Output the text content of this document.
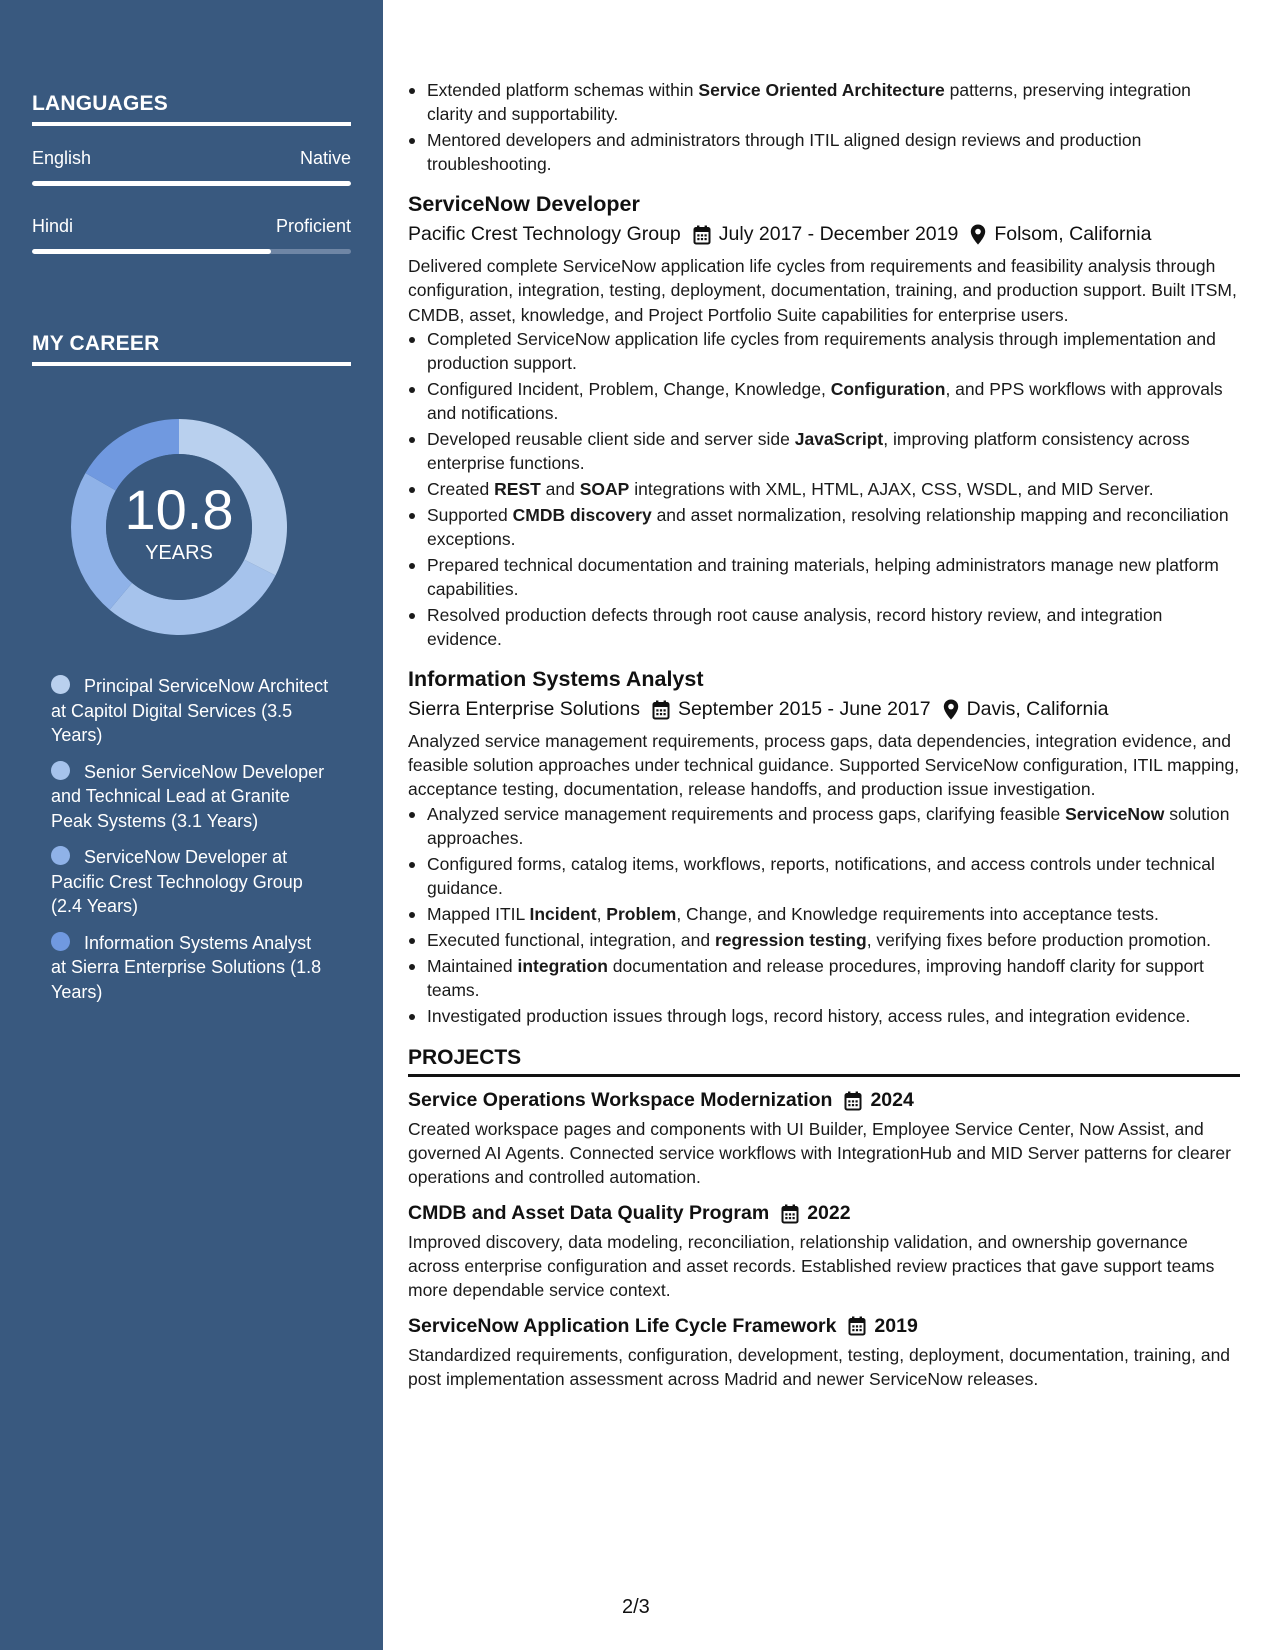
LANGUAGES
English	Native
Hindi	Proficient
MY CAREER
10.8
YEARS
Principal ServiceNow Architect at Capitol Digital Services (3.5 Years)
Senior ServiceNow Developer and Technical Lead at Granite Peak Systems (3.1 Years)
ServiceNow Developer at Pacific Crest Technology Group (2.4 Years)
Information Systems Analyst at Sierra Enterprise Solutions (1.8 Years)
Extended platform schemas within Service Oriented Architecture patterns, preserving integration clarity and supportability.
Mentored developers and administrators through ITIL aligned design reviews and production troubleshooting.
ServiceNow Developer
Pacific Crest Technology Group July 2017 - December 2019 Folsom, California
Delivered complete ServiceNow application life cycles from requirements and feasibility analysis through configuration, integration, testing, deployment, documentation, training, and production support. Built ITSM, CMDB, asset, knowledge, and Project Portfolio Suite capabilities for enterprise users.
Completed ServiceNow application life cycles from requirements analysis through implementation and production support.
Configured Incident, Problem, Change, Knowledge, Configuration, and PPS workflows with approvals and notifications.
Developed reusable client side and server side JavaScript, improving platform consistency across enterprise functions.
Created REST and SOAP integrations with XML, HTML, AJAX, CSS, WSDL, and MID Server.
Supported CMDB discovery and asset normalization, resolving relationship mapping and reconciliation exceptions.
Prepared technical documentation and training materials, helping administrators manage new platform capabilities.
Resolved production defects through root cause analysis, record history review, and integration evidence.
Information Systems Analyst
Sierra Enterprise Solutions September 2015 - June 2017 Davis, California
Analyzed service management requirements, process gaps, data dependencies, integration evidence, and feasible solution approaches under technical guidance. Supported ServiceNow configuration, ITIL mapping, acceptance testing, documentation, release handoffs, and production issue investigation.
Analyzed service management requirements and process gaps, clarifying feasible ServiceNow solution approaches.
Configured forms, catalog items, workflows, reports, notifications, and access controls under technical guidance.
Mapped ITIL Incident, Problem, Change, and Knowledge requirements into acceptance tests.
Executed functional, integration, and regression testing, verifying fixes before production promotion.
Maintained integration documentation and release procedures, improving handoff clarity for support teams.
Investigated production issues through logs, record history, access rules, and integration evidence.
PROJECTS
Service Operations Workspace Modernization 2024
Created workspace pages and components with UI Builder, Employee Service Center, Now Assist, and governed AI Agents. Connected service workflows with IntegrationHub and MID Server patterns for clearer operations and controlled automation.
CMDB and Asset Data Quality Program 2022
Improved discovery, data modeling, reconciliation, relationship validation, and ownership governance across enterprise configuration and asset records. Established review practices that gave support teams more dependable service context.
ServiceNow Application Life Cycle Framework 2019
Standardized requirements, configuration, development, testing, deployment, documentation, training, and post implementation assessment across Madrid and newer ServiceNow releases.
2/3
